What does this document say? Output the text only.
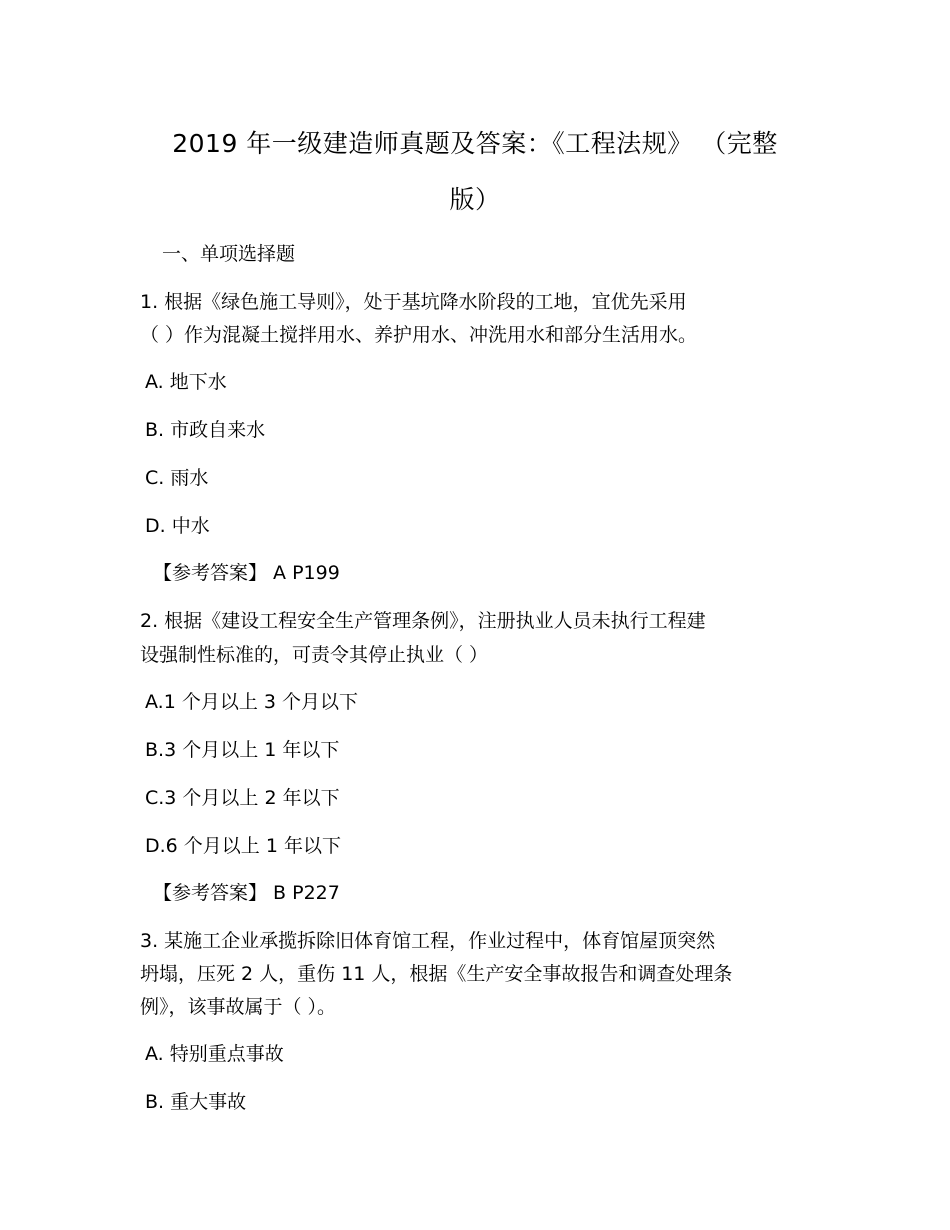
2019 年一级建造师真题及答案：《工程法规》 （完整
版）
一、单项选择题
1. 根据《绿色施工导则》，处于基坑降水阶段的工地，宜优先采用
（ ）作为混凝土搅拌用水、养护用水、冲洗用水和部分生活用水。
A. 地下水
B. 市政自来水
C. 雨水
D. 中水
【参考答案】 A P199
2. 根据《建设工程安全生产管理条例》，注册执业人员未执行工程建
设强制性标准的，可责令其停止执业（ ）
A.1 个月以上 3 个月以下
B.3 个月以上 1 年以下
C.3 个月以上 2 年以下
D.6 个月以上 1 年以下
【参考答案】 B P227
3. 某施工企业承揽拆除旧体育馆工程，作业过程中，体育馆屋顶突然
坍塌，压死 2 人，重伤 11 人，根据《生产安全事故报告和调查处理条
例》，该事故属于（ ）。
A. 特别重点事故
B. 重大事故
